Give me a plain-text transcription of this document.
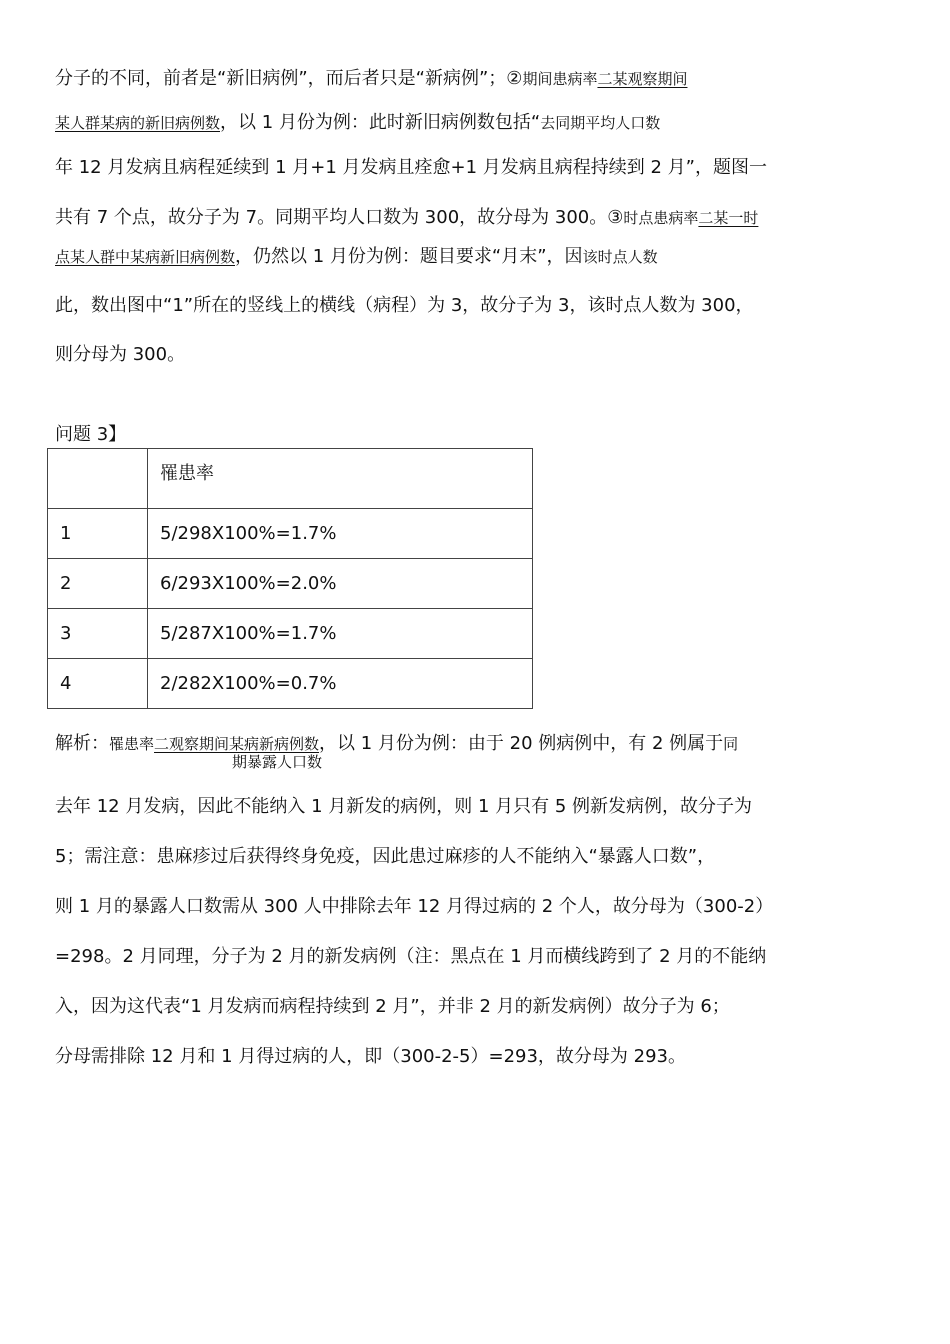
分子的不同，前者是“新旧病例”，而后者只是“新病例”；②期间患病率二某观察期间
某人群某病的新旧病例数，以 1 月份为例：此时新旧病例数包括“去同期平均人口数
年 12 月发病且病程延续到 1 月+1 月发病且痊愈+1 月发病且病程持续到 2 月”，题图一
共有 7 个点，故分子为 7。同期平均人口数为 300，故分母为 300。③时点患病率二某一时
点某人群中某病新旧病例数，仍然以 1 月份为例：题目要求“月末”，因该时点人数
此，数出图中“1”所在的竖线上的横线（病程）为 3，故分子为 3，该时点人数为 300，
则分母为 300。
问题 3】
	罹患率
1	5/298X100%=1.7%
2	6/293X100%=2.0%
3	5/287X100%=1.7%
4	2/282X100%=0.7%
解析：罹患率二观察期间某病新病例数，以 1 月份为例：由于 20 例病例中，有 2 例属于同
期暴露人口数
去年 12 月发病，因此不能纳入 1 月新发的病例，则 1 月只有 5 例新发病例，故分子为
5；需注意：患麻疹过后获得终身免疫，因此患过麻疹的人不能纳入“暴露人口数”，
则 1 月的暴露人口数需从 300 人中排除去年 12 月得过病的 2 个人，故分母为（300-2）
=298。2 月同理，分子为 2 月的新发病例（注：黑点在 1 月而横线跨到了 2 月的不能纳
入，因为这代表“1 月发病而病程持续到 2 月”，并非 2 月的新发病例）故分子为 6；
分母需排除 12 月和 1 月得过病的人，即（300-2-5）=293，故分母为 293。
